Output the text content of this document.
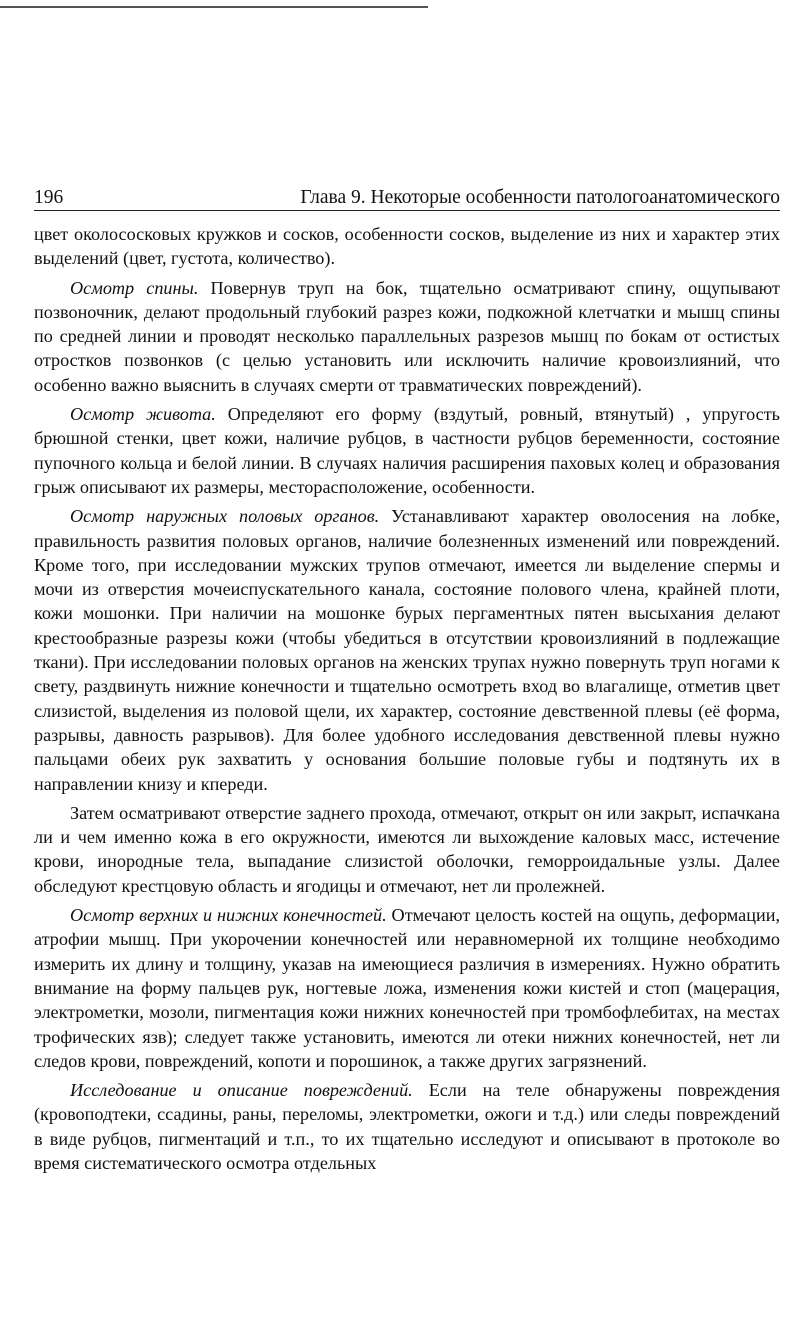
196	Глава 9. Некоторые особенности патологоанатомического

цвет околососковых кружков и сосков, особенности сосков, выделение из них и характер этих выделений (цвет, густота, количество).

Осмотр спины. Повернув труп на бок, тщательно осматривают спину, ощупывают позвоночник, делают продольный глубокий разрез кожи, подкожной клетчатки и мышц спины по средней линии и проводят несколько параллельных разрезов мышц по бокам от остистых отростков позвонков (с целью установить или исключить наличие кровоизлияний, что особенно важно выяснить в случаях смерти от травматических повреждений).

Осмотр живота. Определяют его форму (вздутый, ровный, втянутый) , упругость брюшной стенки, цвет кожи, наличие рубцов, в частности рубцов беременности, состояние пупочного кольца и белой линии. В случаях наличия расширения паховых колец и образования грыж описывают их размеры, месторасположение, особенности.

Осмотр наружных половых органов. Устанавливают характер оволосения на лобке, правильность развития половых органов, наличие болезненных изменений или повреждений. Кроме того, при исследовании мужских трупов отмечают, имеется ли выделение спермы и мочи из отверстия мочеиспускательного канала, состояние полового члена, крайней плоти, кожи мошонки. При наличии на мошонке бурых пергаментных пятен высыхания делают крестообразные разрезы кожи (чтобы убедиться в отсутствии кровоизлияний в подлежащие ткани). При исследовании половых органов на женских трупах нужно повернуть труп ногами к свету, раздвинуть нижние конечности и тщательно осмотреть вход во влагалище, отметив цвет слизистой, выделения из половой щели, их характер, состояние девственной плевы (её форма, разрывы, давность разрывов). Для более удобного исследования девственной плевы нужно пальцами обеих рук захватить у основания большие половые губы и подтянуть их в направлении книзу и кпереди.

Затем осматривают отверстие заднего прохода, отмечают, открыт он или закрыт, испачкана ли и чем именно кожа в его окружности, имеются ли выхождение каловых масс, истечение крови, инородные тела, выпадание слизистой оболочки, геморроидальные узлы. Далее обследуют крестцовую область и ягодицы и отмечают, нет ли пролежней.

Осмотр верхних и нижних конечностей. Отмечают целость костей на ощупь, деформации, атрофии мышц. При укорочении конечностей или неравномерной их толщине необходимо измерить их длину и толщину, указав на имеющиеся различия в измерениях. Нужно обратить внимание на форму пальцев рук, ногтевые ложа, изменения кожи кистей и стоп (мацерация, электрометки, мозоли, пигментация кожи нижних конечностей при тромбофлебитах, на местах трофических язв); следует также установить, имеются ли отеки нижних конечностей, нет ли следов крови, повреждений, копоти и порошинок, а также других загрязнений.

Исследование и описание повреждений. Если на теле обнаружены повреждения (кровоподтеки, ссадины, раны, переломы, электрометки, ожоги и т.д.) или следы повреждений в виде рубцов, пигментаций и т.п., то их тщательно исследуют и описывают в протоколе во время систематического осмотра отдельных
